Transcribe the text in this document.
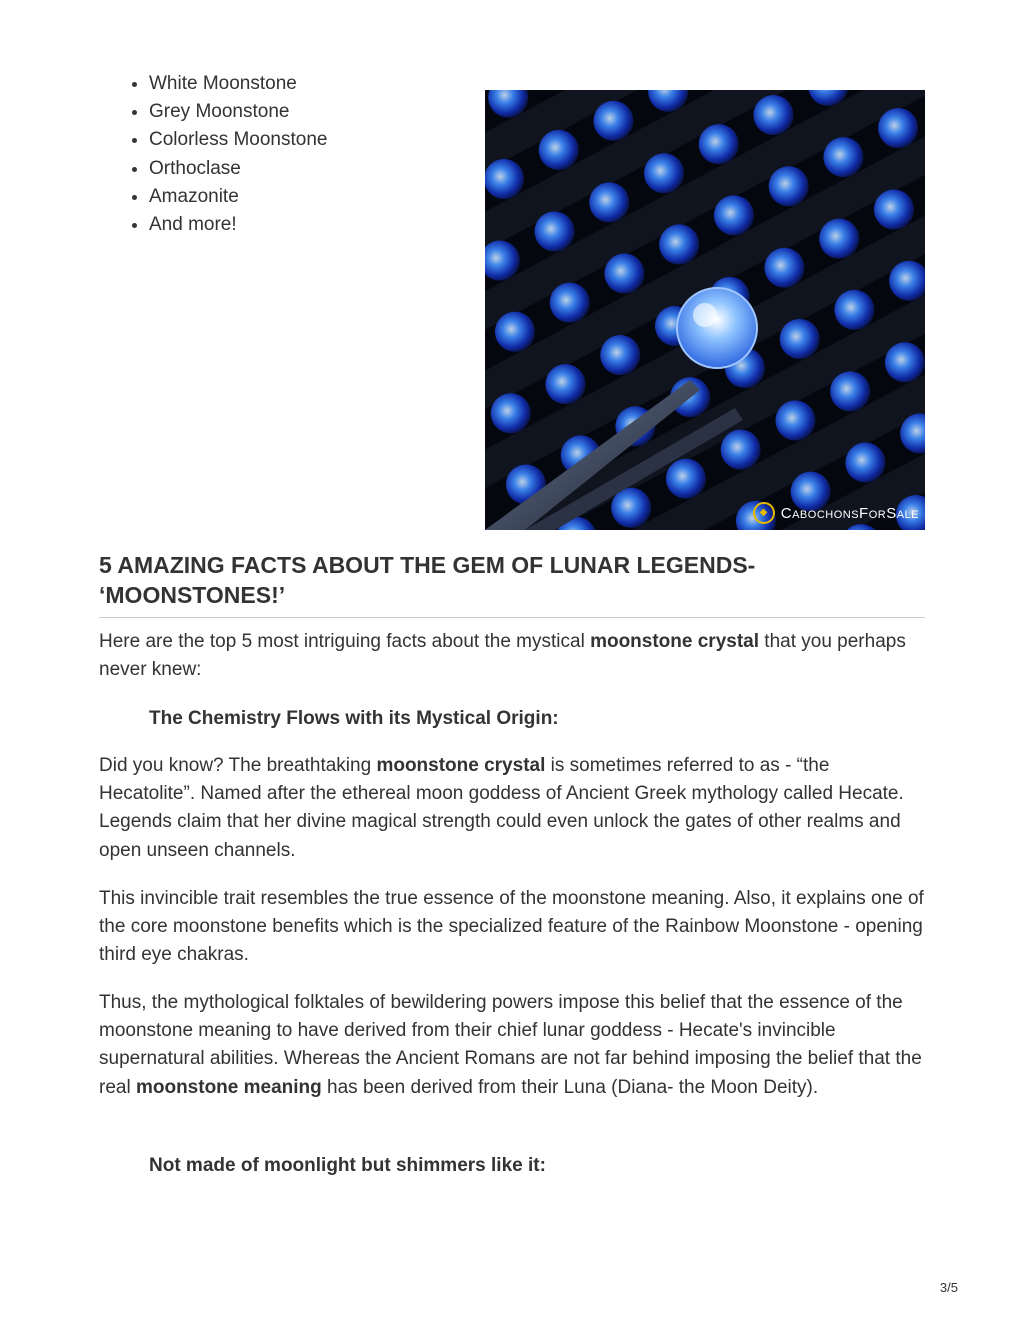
• White Moonstone
• Grey Moonstone
• Colorless Moonstone
• Orthoclase
• Amazonite
• And more!
◆ CabochonsForSale
5 AMAZING FACTS ABOUT THE GEM OF LUNAR LEGENDS- ‘MOONSTONES!’

Here are the top 5 most intriguing facts about the mystical moonstone crystal that you perhaps never knew:

The Chemistry Flows with its Mystical Origin:

Did you know? The breathtaking moonstone crystal is sometimes referred to as - “the Hecatolite”. Named after the ethereal moon goddess of Ancient Greek mythology called Hecate. Legends claim that her divine magical strength could even unlock the gates of other realms and open unseen channels.

This invincible trait resembles the true essence of the moonstone meaning. Also, it explains one of the core moonstone benefits which is the specialized feature of the Rainbow Moonstone - opening third eye chakras.

Thus, the mythological folktales of bewildering powers impose this belief that the essence of the moonstone meaning to have derived from their chief lunar goddess - Hecate's invincible supernatural abilities. Whereas the Ancient Romans are not far behind imposing the belief that the real moonstone meaning has been derived from their Luna (Diana- the Moon Deity).

Not made of moonlight but shimmers like it:

3/5
